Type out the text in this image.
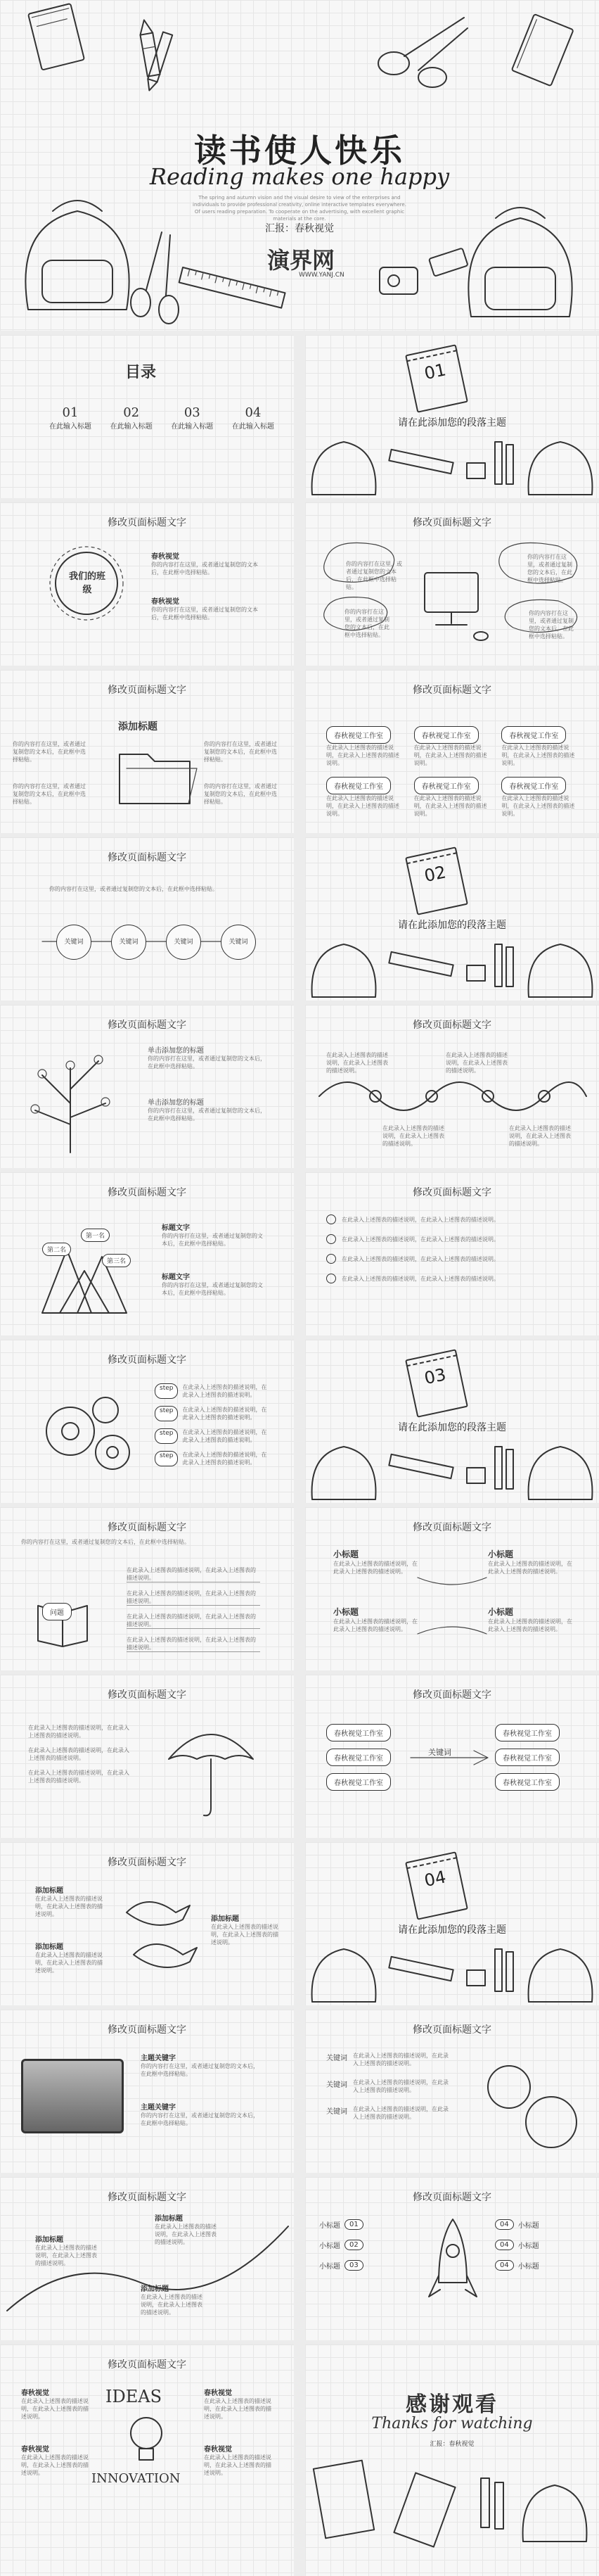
读书使人快乐
Reading makes one happy
The spring and autumn vision and the visual desire to view of the enterprises and individuals to provide professional creativity, online interactive templates everywhere.
Of users reading preparation. To cooperate on the advertising, with excellent graphic materials at the core.
汇报：春秋视觉
演界网
WWW.YANJ.CN
目录
01
在此输入标题
02
在此输入标题
03
在此输入标题
04
在此输入标题
01
请在此添加您的段落主题
修改页面标题文字
我们的班级
春秋视觉
你的内容打在这里，或者通过复制您的文本后，在此框中选择粘贴。
春秋视觉
你的内容打在这里，或者通过复制您的文本后，在此框中选择粘贴。
修改页面标题文字
你的内容打在这里，或者通过复制您的文本后，在此框中选择粘贴。
你的内容打在这里，或者通过复制您的文本后，在此框中选择粘贴。
你的内容打在这里，或者通过复制您的文本后，在此框中选择粘贴。
你的内容打在这里，或者通过复制您的文本后，在此框中选择粘贴。
修改页面标题文字
添加标题
你的内容打在这里，或者通过复制您的文本后，在此框中选择粘贴。
你的内容打在这里，或者通过复制您的文本后，在此框中选择粘贴。
你的内容打在这里，或者通过复制您的文本后，在此框中选择粘贴。
你的内容打在这里，或者通过复制您的文本后，在此框中选择粘贴。
修改页面标题文字
春秋视觉工作室
在此录入上述图表的描述说明，在此录入上述图表的描述说明。
春秋视觉工作室
在此录入上述图表的描述说明，在此录入上述图表的描述说明。
春秋视觉工作室
在此录入上述图表的描述说明，在此录入上述图表的描述说明。
春秋视觉工作室
在此录入上述图表的描述说明，在此录入上述图表的描述说明。
春秋视觉工作室
在此录入上述图表的描述说明，在此录入上述图表的描述说明。
春秋视觉工作室
在此录入上述图表的描述说明，在此录入上述图表的描述说明。
修改页面标题文字
你的内容打在这里，或者通过复制您的文本后，在此框中选择粘贴。
关键词	关键词	关键词	关键词
02
请在此添加您的段落主题
修改页面标题文字
单击添加您的标题
你的内容打在这里，或者通过复制您的文本后，在此框中选择粘贴。
单击添加您的标题
你的内容打在这里，或者通过复制您的文本后，在此框中选择粘贴。
修改页面标题文字
在此录入上述图表的描述说明，在此录入上述图表的描述说明。
在此录入上述图表的描述说明，在此录入上述图表的描述说明。
在此录入上述图表的描述说明，在此录入上述图表的描述说明。
在此录入上述图表的描述说明，在此录入上述图表的描述说明。
修改页面标题文字
第一名
第二名
第三名
标题文字
你的内容打在这里，或者通过复制您的文本后，在此框中选择粘贴。
标题文字
你的内容打在这里，或者通过复制您的文本后，在此框中选择粘贴。
修改页面标题文字
在此录入上述图表的描述说明，在此录入上述图表的描述说明。
在此录入上述图表的描述说明，在此录入上述图表的描述说明。
在此录入上述图表的描述说明，在此录入上述图表的描述说明。
在此录入上述图表的描述说明，在此录入上述图表的描述说明。
修改页面标题文字
step	在此录入上述图表的描述说明，在此录入上述图表的描述说明。
step	在此录入上述图表的描述说明，在此录入上述图表的描述说明。
step	在此录入上述图表的描述说明，在此录入上述图表的描述说明。
step	在此录入上述图表的描述说明，在此录入上述图表的描述说明。
03
请在此添加您的段落主题
修改页面标题文字
你的内容打在这里，或者通过复制您的文本后，在此框中选择粘贴。
问题
在此录入上述图表的描述说明，在此录入上述图表的描述说明。
在此录入上述图表的描述说明，在此录入上述图表的描述说明。
在此录入上述图表的描述说明，在此录入上述图表的描述说明。
在此录入上述图表的描述说明，在此录入上述图表的描述说明。
修改页面标题文字
小标题
在此录入上述图表的描述说明，在此录入上述图表的描述说明。
小标题
在此录入上述图表的描述说明，在此录入上述图表的描述说明。
小标题
在此录入上述图表的描述说明，在此录入上述图表的描述说明。
小标题
在此录入上述图表的描述说明，在此录入上述图表的描述说明。
修改页面标题文字
在此录入上述图表的描述说明，在此录入上述图表的描述说明。
在此录入上述图表的描述说明，在此录入上述图表的描述说明。
在此录入上述图表的描述说明，在此录入上述图表的描述说明。
修改页面标题文字
春秋视觉工作室
春秋视觉工作室
春秋视觉工作室
关键词
春秋视觉工作室
春秋视觉工作室
春秋视觉工作室
修改页面标题文字
添加标题
在此录入上述图表的描述说明，在此录入上述图表的描述说明。
添加标题
在此录入上述图表的描述说明，在此录入上述图表的描述说明。
添加标题
在此录入上述图表的描述说明，在此录入上述图表的描述说明。
04
请在此添加您的段落主题
修改页面标题文字
主题关键字
你的内容打在这里，或者通过复制您的文本后，在此框中选择粘贴。
主题关键字
你的内容打在这里，或者通过复制您的文本后，在此框中选择粘贴。
修改页面标题文字
关键词 在此录入上述图表的描述说明，在此录入上述图表的描述说明。
关键词 在此录入上述图表的描述说明，在此录入上述图表的描述说明。
关键词 在此录入上述图表的描述说明，在此录入上述图表的描述说明。
修改页面标题文字
添加标题
在此录入上述图表的描述说明，在此录入上述图表的描述说明。
添加标题
在此录入上述图表的描述说明，在此录入上述图表的描述说明。
添加标题
在此录入上述图表的描述说明，在此录入上述图表的描述说明。
修改页面标题文字
小标题	01
小标题	02
小标题	03
04	小标题
04	小标题
04	小标题
修改页面标题文字
春秋视觉
在此录入上述图表的描述说明，在此录入上述图表的描述说明。
春秋视觉
在此录入上述图表的描述说明，在此录入上述图表的描述说明。
春秋视觉
在此录入上述图表的描述说明，在此录入上述图表的描述说明。
春秋视觉
在此录入上述图表的描述说明，在此录入上述图表的描述说明。
IDEAS
INNOVATION
感谢观看
Thanks for watching
汇报：春秋视觉
